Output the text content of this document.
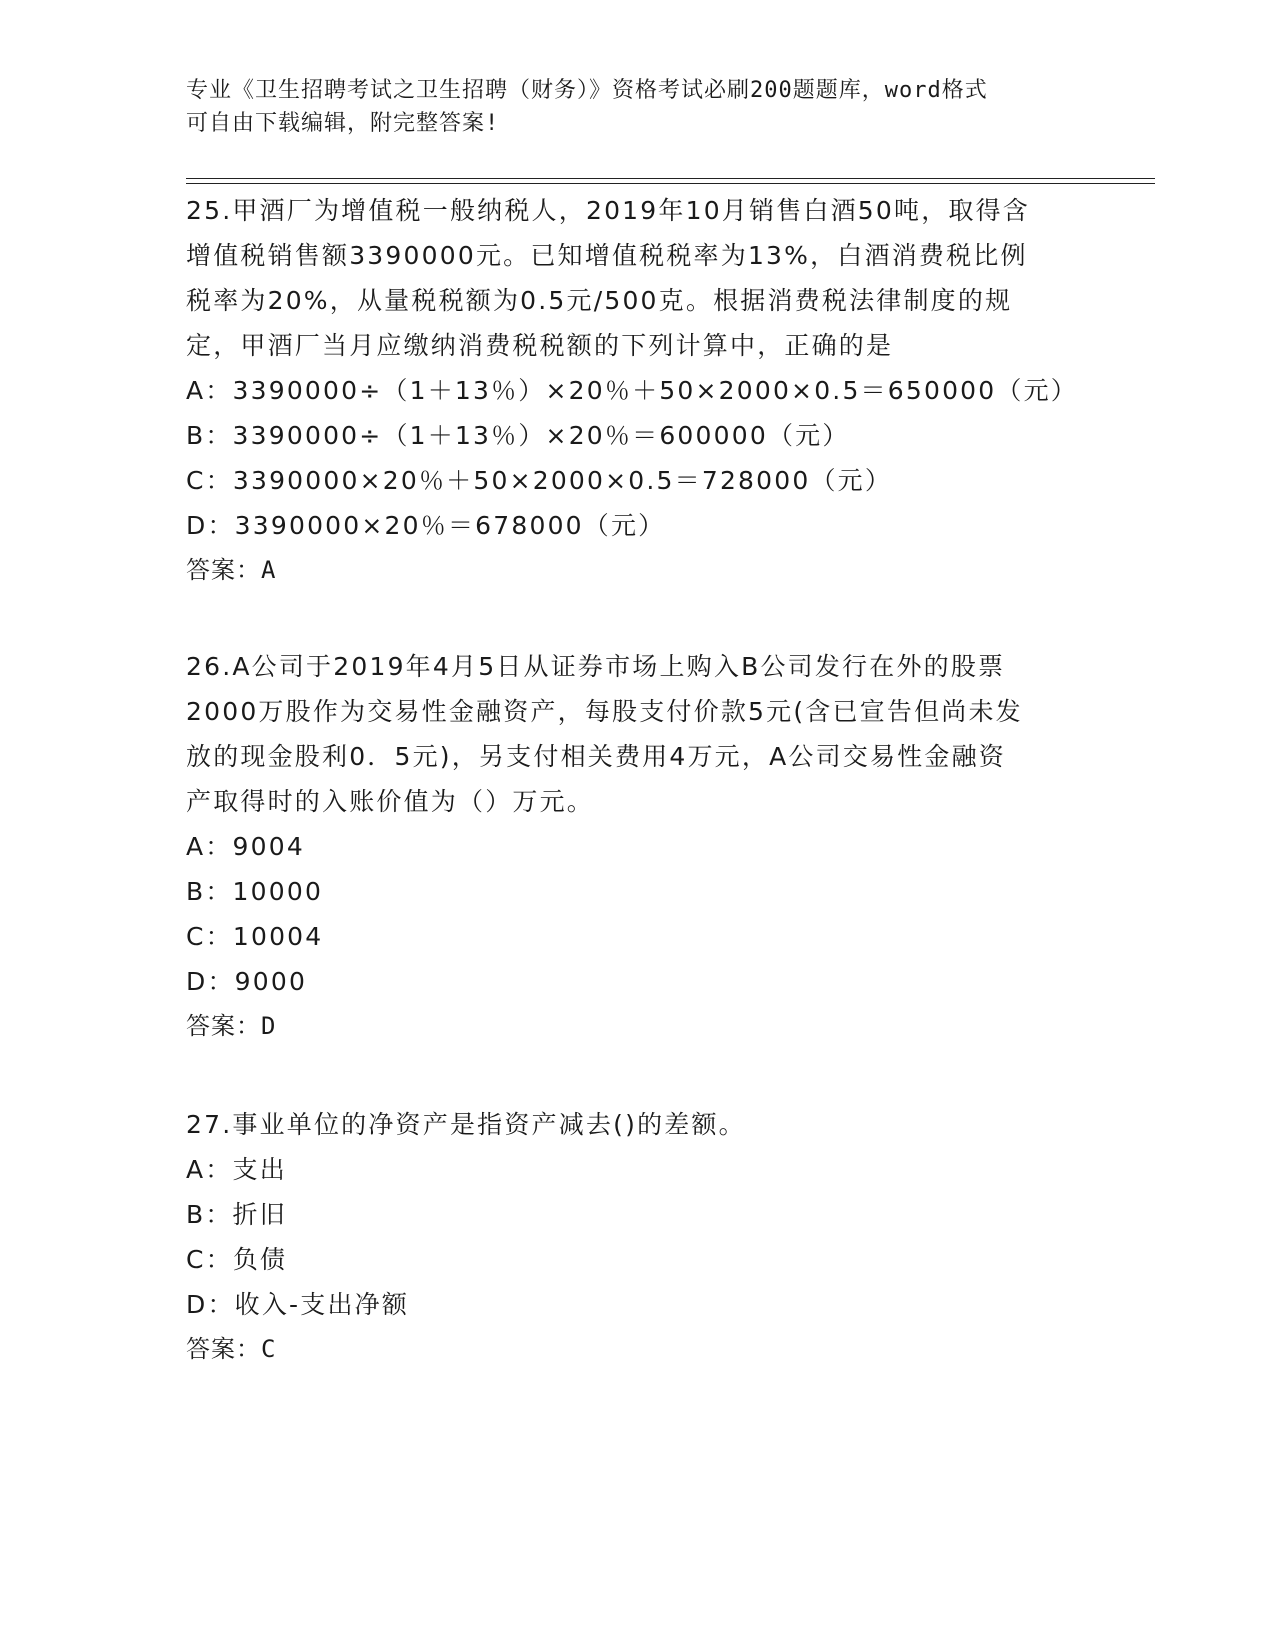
专业《卫生招聘考试之卫生招聘（财务）》资格考试必刷200题题库，word格式
可自由下载编辑，附完整答案!
25.甲酒厂为增值税一般纳税人，2019年10月销售白酒50吨，取得含
增值税销售额3390000元。已知增值税税率为13%，白酒消费税比例
税率为20%，从量税税额为0.5元/500克。根据消费税法律制度的规
定，甲酒厂当月应缴纳消费税税额的下列计算中，正确的是
A：3390000÷（1＋13％）×20％＋50×2000×0.5＝650000（元）
B：3390000÷（1＋13％）×20％＝600000（元）
C：3390000×20％＋50×2000×0.5＝728000（元）
D：3390000×20％＝678000（元）
答案：A
26.A公司于2019年4月5日从证券市场上购入B公司发行在外的股票
2000万股作为交易性金融资产，每股支付价款5元(含已宣告但尚未发
放的现金股利0．5元)，另支付相关费用4万元，A公司交易性金融资
产取得时的入账价值为（）万元。
A：9004
B：10000
C：10004
D：9000
答案：D
27.事业单位的净资产是指资产减去()的差额。
A：支出
B：折旧
C：负债
D：收入-支出净额
答案：C
